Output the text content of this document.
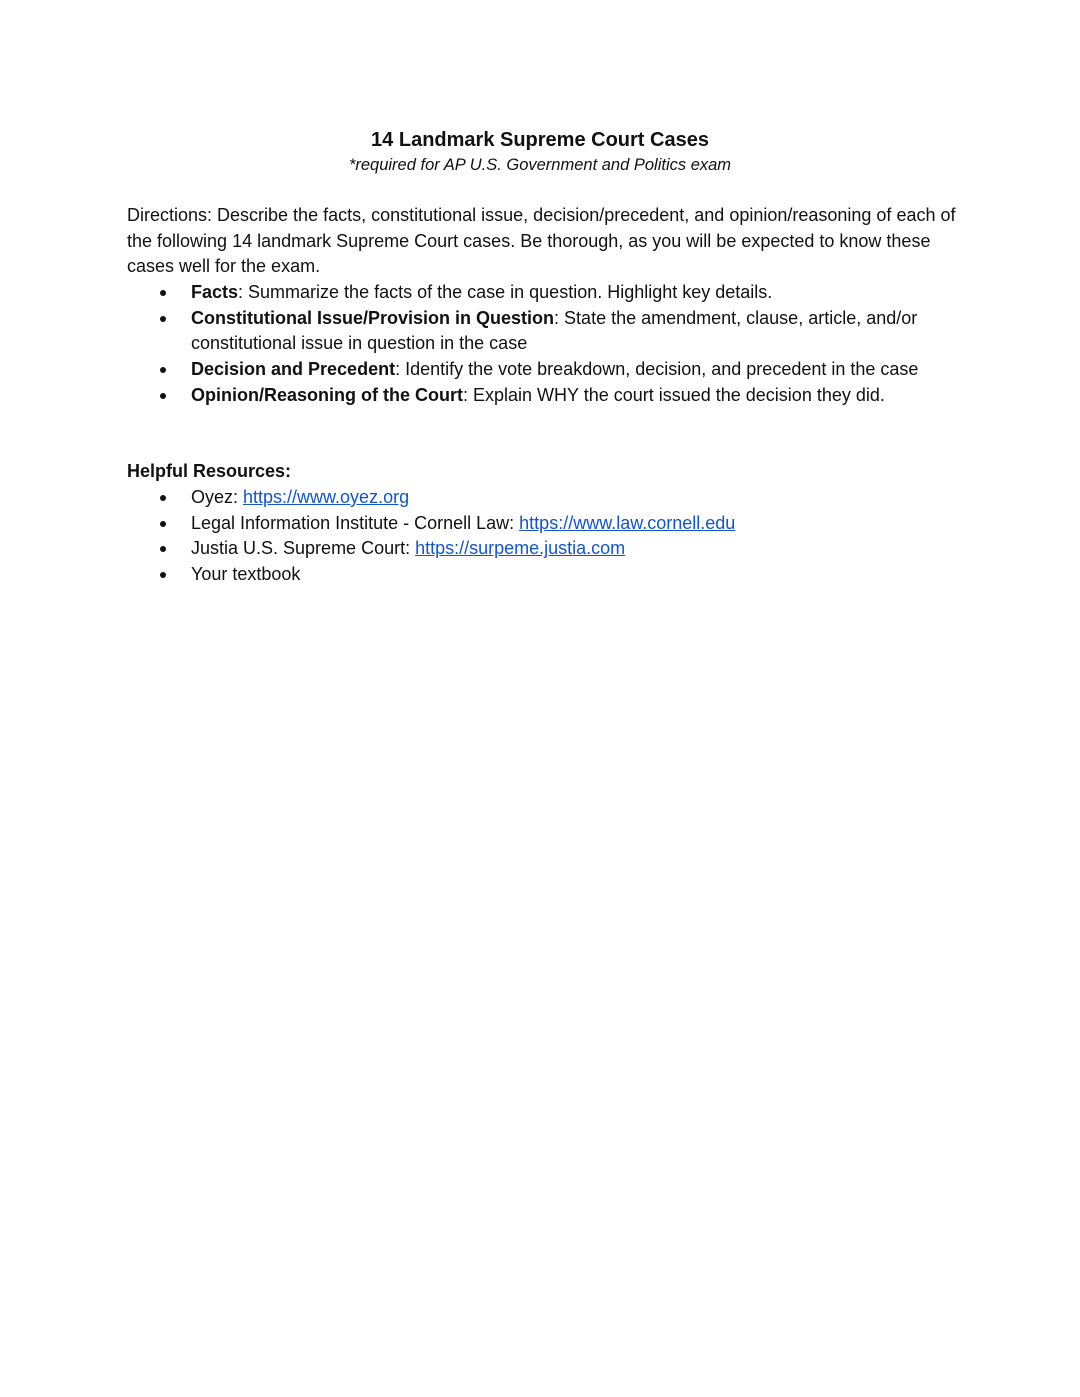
14 Landmark Supreme Court Cases
*required for AP U.S. Government and Politics exam
Directions: Describe the facts, constitutional issue, decision/precedent, and opinion/reasoning of each of the following 14 landmark Supreme Court cases. Be thorough, as you will be expected to know these cases well for the exam.
Facts: Summarize the facts of the case in question. Highlight key details.
Constitutional Issue/Provision in Question: State the amendment, clause, article, and/or constitutional issue in question in the case
Decision and Precedent: Identify the vote breakdown, decision, and precedent in the case
Opinion/Reasoning of the Court: Explain WHY the court issued the decision they did.
Helpful Resources:
Oyez: https://www.oyez.org
Legal Information Institute - Cornell Law: https://www.law.cornell.edu
Justia U.S. Supreme Court: https://surpeme.justia.com
Your textbook
